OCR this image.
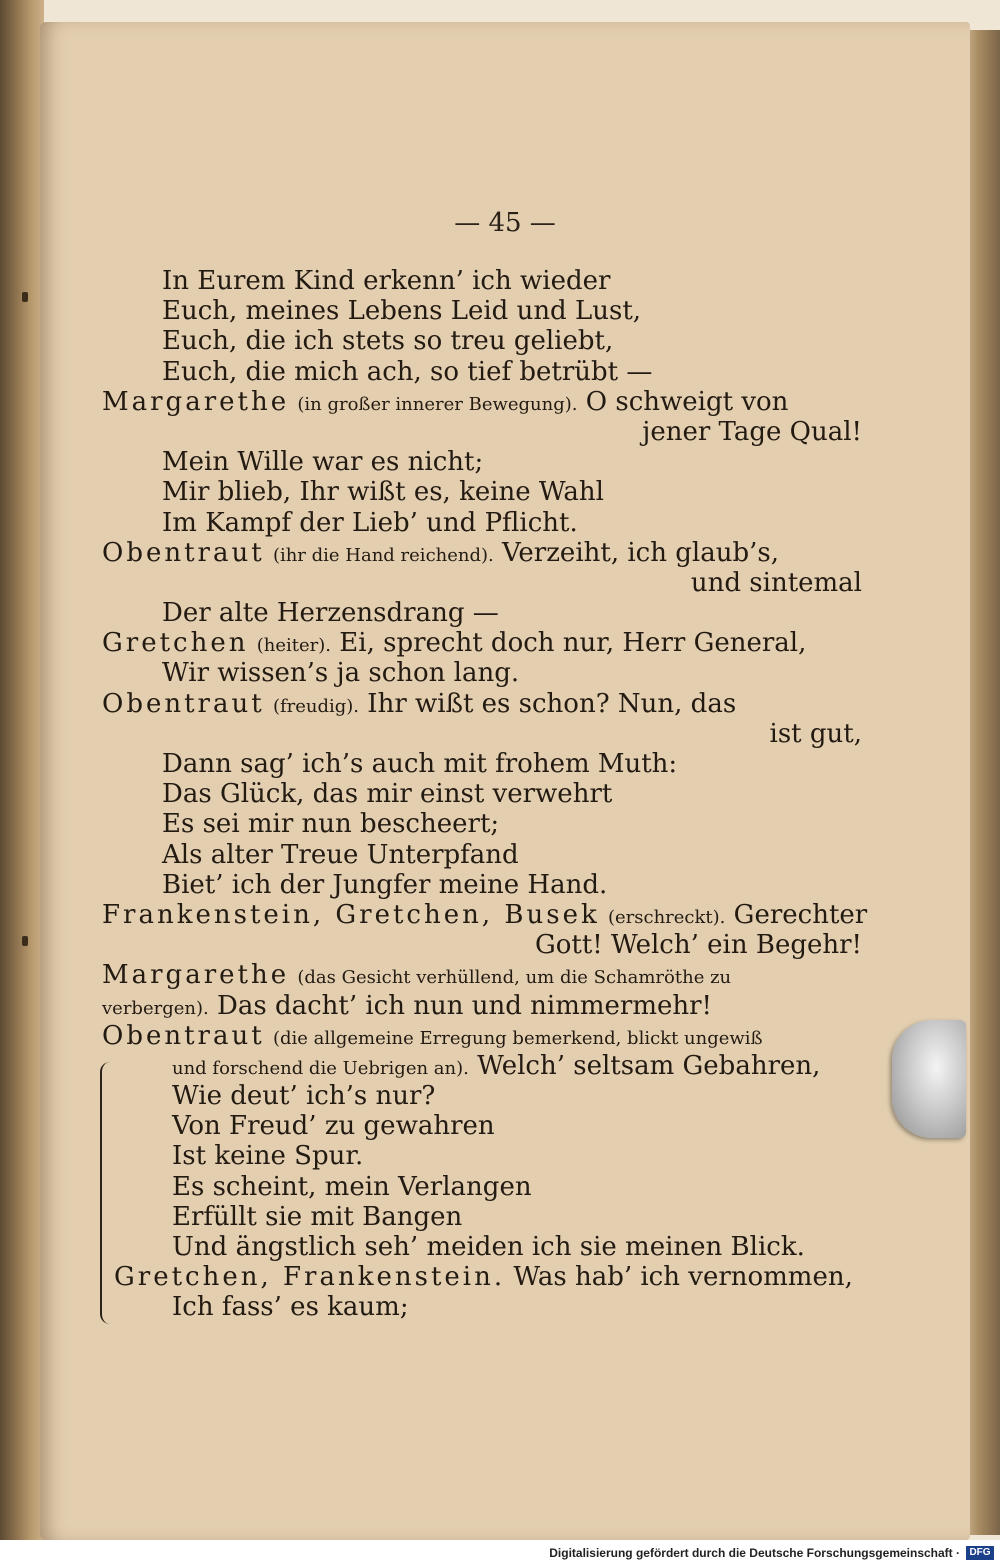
— 45 —
In Eurem Kind erkenn’ ich wieder
Euch, meines Lebens Leid und Lust,
Euch, die ich stets so treu geliebt,
Euch, die mich ach, so tief betrübt —
Margarethe (in großer innerer Bewegung). O schweigt von
jener Tage Qual!
Mein Wille war es nicht;
Mir blieb, Ihr wißt es, keine Wahl
Im Kampf der Lieb’ und Pflicht.
Obentraut (ihr die Hand reichend). Verzeiht, ich glaub’s,
und sintemal
Der alte Herzensdrang —
Gretchen (heiter). Ei, sprecht doch nur, Herr General,
Wir wissen’s ja schon lang.
Obentraut (freudig). Ihr wißt es schon? Nun, das
ist gut,
Dann sag’ ich’s auch mit frohem Muth:
Das Glück, das mir einst verwehrt
Es sei mir nun bescheert;
Als alter Treue Unterpfand
Biet’ ich der Jungfer meine Hand.
Frankenstein, Gretchen, Busek (erschreckt). Gerechter
Gott! Welch’ ein Begehr!
Margarethe (das Gesicht verhüllend, um die Schamröthe zu
verbergen). Das dacht’ ich nun und nimmermehr!
Obentraut (die allgemeine Erregung bemerkend, blickt ungewiß
und forschend die Uebrigen an). Welch’ seltsam Gebahren,
Wie deut’ ich’s nur?
Von Freud’ zu gewahren
Ist keine Spur.
Es scheint, mein Verlangen
Erfüllt sie mit Bangen
Und ängstlich seh’ meiden ich sie meinen Blick.
Gretchen, Frankenstein. Was hab’ ich vernommen,
Ich fass’ es kaum;
Digitalisierung gefördert durch die Deutsche Forschungsgemeinschaft · DFG
